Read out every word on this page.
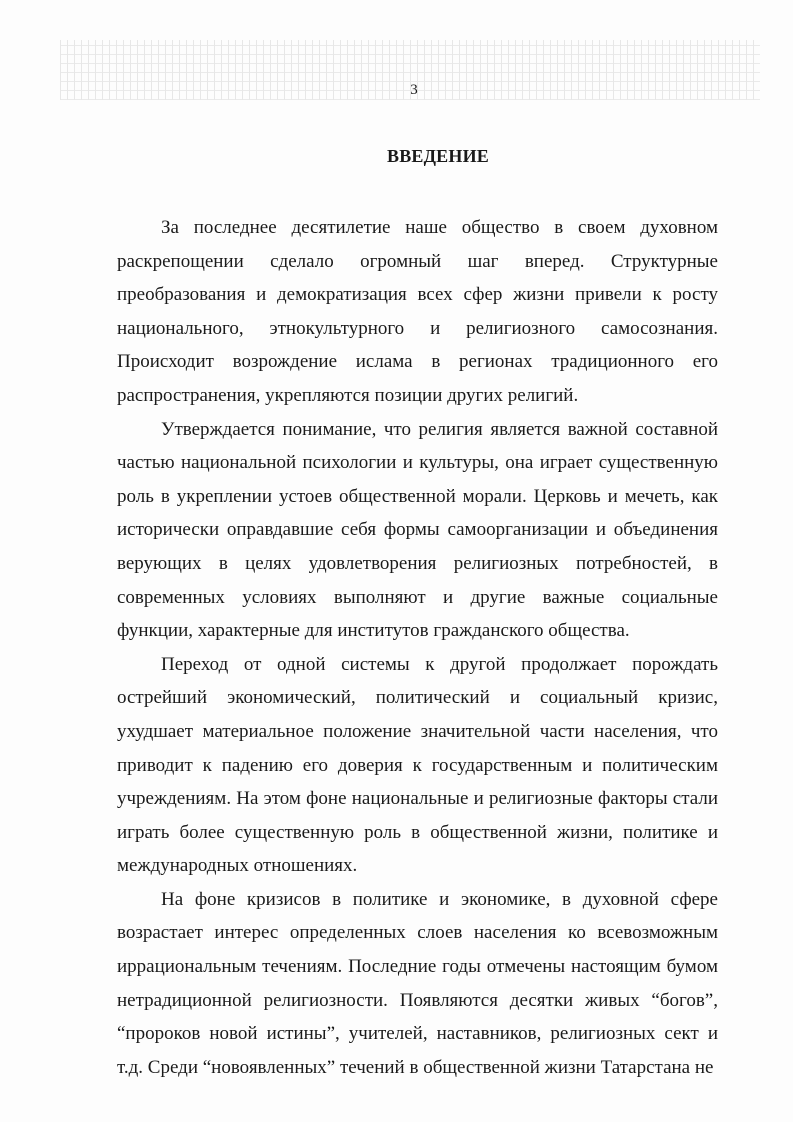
3
ВВЕДЕНИЕ

За последнее десятилетие наше общество в своем духовном раскрепощении сделало огромный шаг вперед. Структурные преобразования и демократизация всех сфер жизни привели к росту национального, этнокультурного и религиозного самосознания. Происходит возрождение ислама в регионах традиционного его распространения, укрепляются позиции других религий.

Утверждается понимание, что религия является важной составной частью национальной психологии и культуры, она играет существенную роль в укреплении устоев общественной морали. Церковь и мечеть, как исторически оправдавшие себя формы самоорганизации и объединения верующих в целях удовлетворения религиозных потребностей, в современных условиях выполняют и другие важные социальные функции, характерные для институтов гражданского общества.

Переход от одной системы к другой продолжает порождать острейший экономический, политический и социальный кризис, ухудшает материальное положение значительной части населения, что приводит к падению его доверия к государственным и политическим учреждениям. На этом фоне национальные и религиозные факторы стали играть более существенную роль в общественной жизни, политике и международных отношениях.

На фоне кризисов в политике и экономике, в духовной сфере возрастает интерес определенных слоев населения ко всевозможным иррациональным течениям. Последние годы отмечены настоящим бумом нетрадиционной религиозности. Появляются десятки живых “богов”, “пророков новой истины”, учителей, наставников, религиозных сект и т.д. Среди “новоявленных” течений в общественной жизни Татарстана не
